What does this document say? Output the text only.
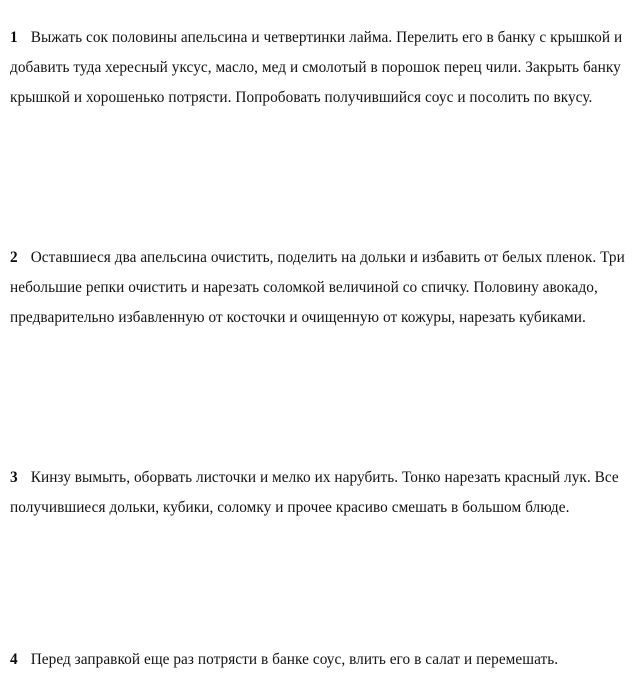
1 Выжать сок половины апельсина и четвертинки лайма. Перелить его в банку с крышкой и добавить туда хересный уксус, масло, мед и смолотый в порошок перец чили. Закрыть банку крышкой и хорошенько потрясти. Попробовать получившийся соус и посолить по вкусу.

2 Оставшиеся два апельсина очистить, поделить на дольки и избавить от белых пленок. Три небольшие репки очистить и нарезать соломкой величиной со спичку. Половину авокадо, предварительно избавленную от косточки и очищенную от кожуры, нарезать кубиками.

3 Кинзу вымыть, оборвать листочки и мелко их нарубить. Тонко нарезать красный лук. Все получившиеся дольки, кубики, соломку и прочее красиво смешать в большом блюде.

4 Перед заправкой еще раз потрясти в банке соус, влить его в салат и перемешать.
